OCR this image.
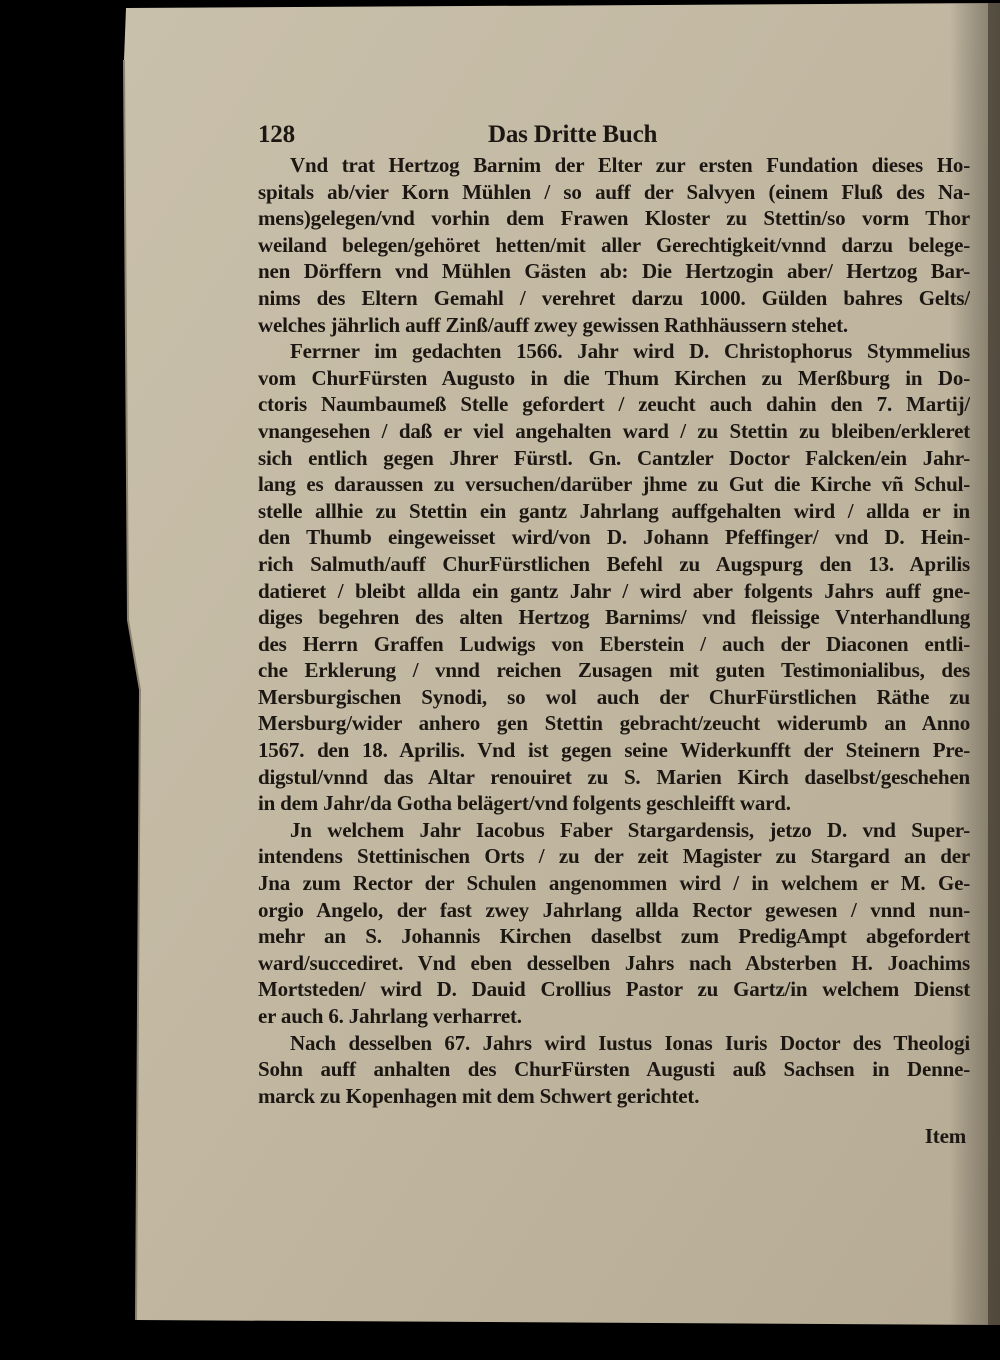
128	Das Dritte Buch
Vnd trat Hertzog Barnim der Elter zur ersten Fundation dieses Ho-
spitals ab/vier Korn Mühlen / so auff der Salvyen (einem Fluß des Na-
mens)gelegen/vnd vorhin dem Frawen Kloster zu Stettin/so vorm Thor
weiland belegen/gehöret hetten/mit aller Gerechtigkeit/vnnd darzu belege-
nen Dörffern vnd Mühlen Gästen ab: Die Hertzogin aber/ Hertzog Bar-
nims des Eltern Gemahl / verehret darzu 1000. Gülden bahres Gelts/
welches jährlich auff Zinß/auff zwey gewissen Rathhäussern stehet.
Ferrner im gedachten 1566. Jahr wird D. Christophorus Stymmelius
vom ChurFürsten Augusto in die Thum Kirchen zu Merßburg in Do-
ctoris Naumbaumeß Stelle gefordert / zeucht auch dahin den 7. Martij/
vnangesehen / daß er viel angehalten ward / zu Stettin zu bleiben/erkleret
sich entlich gegen Jhrer Fürstl. Gn. Cantzler Doctor Falcken/ein Jahr-
lang es daraussen zu versuchen/darüber jhme zu Gut die Kirche vñ Schul-
stelle allhie zu Stettin ein gantz Jahrlang auffgehalten wird / allda er in
den Thumb eingeweisset wird/von D. Johann Pfeffinger/ vnd D. Hein-
rich Salmuth/auff ChurFürstlichen Befehl zu Augspurg den 13. Aprilis
datieret / bleibt allda ein gantz Jahr / wird aber folgents Jahrs auff gne-
diges begehren des alten Hertzog Barnims/ vnd fleissige Vnterhandlung
des Herrn Graffen Ludwigs von Eberstein / auch der Diaconen entli-
che Erklerung / vnnd reichen Zusagen mit guten Testimonialibus, des
Mersburgischen Synodi, so wol auch der ChurFürstlichen Räthe zu
Mersburg/wider anhero gen Stettin gebracht/zeucht widerumb an Anno
1567. den 18. Aprilis. Vnd ist gegen seine Widerkunfft der Steinern Pre-
digstul/vnnd das Altar renouiret zu S. Marien Kirch daselbst/geschehen
in dem Jahr/da Gotha belägert/vnd folgents geschleifft ward.
Jn welchem Jahr Iacobus Faber Stargardensis, jetzo D. vnd Super-
intendens Stettinischen Orts / zu der zeit Magister zu Stargard an der
Jna zum Rector der Schulen angenommen wird / in welchem er M. Ge-
orgio Angelo, der fast zwey Jahrlang allda Rector gewesen / vnnd nun-
mehr an S. Johannis Kirchen daselbst zum PredigAmpt abgefordert
ward/succediret. Vnd eben desselben Jahrs nach Absterben H. Joachims
Mortsteden/ wird D. Dauid Crollius Pastor zu Gartz/in welchem Dienst
er auch 6. Jahrlang verharret.
Nach desselben 67. Jahrs wird Iustus Ionas Iuris Doctor des Theologi
Sohn auff anhalten des ChurFürsten Augusti auß Sachsen in Denne-
marck zu Kopenhagen mit dem Schwert gerichtet.
Item
